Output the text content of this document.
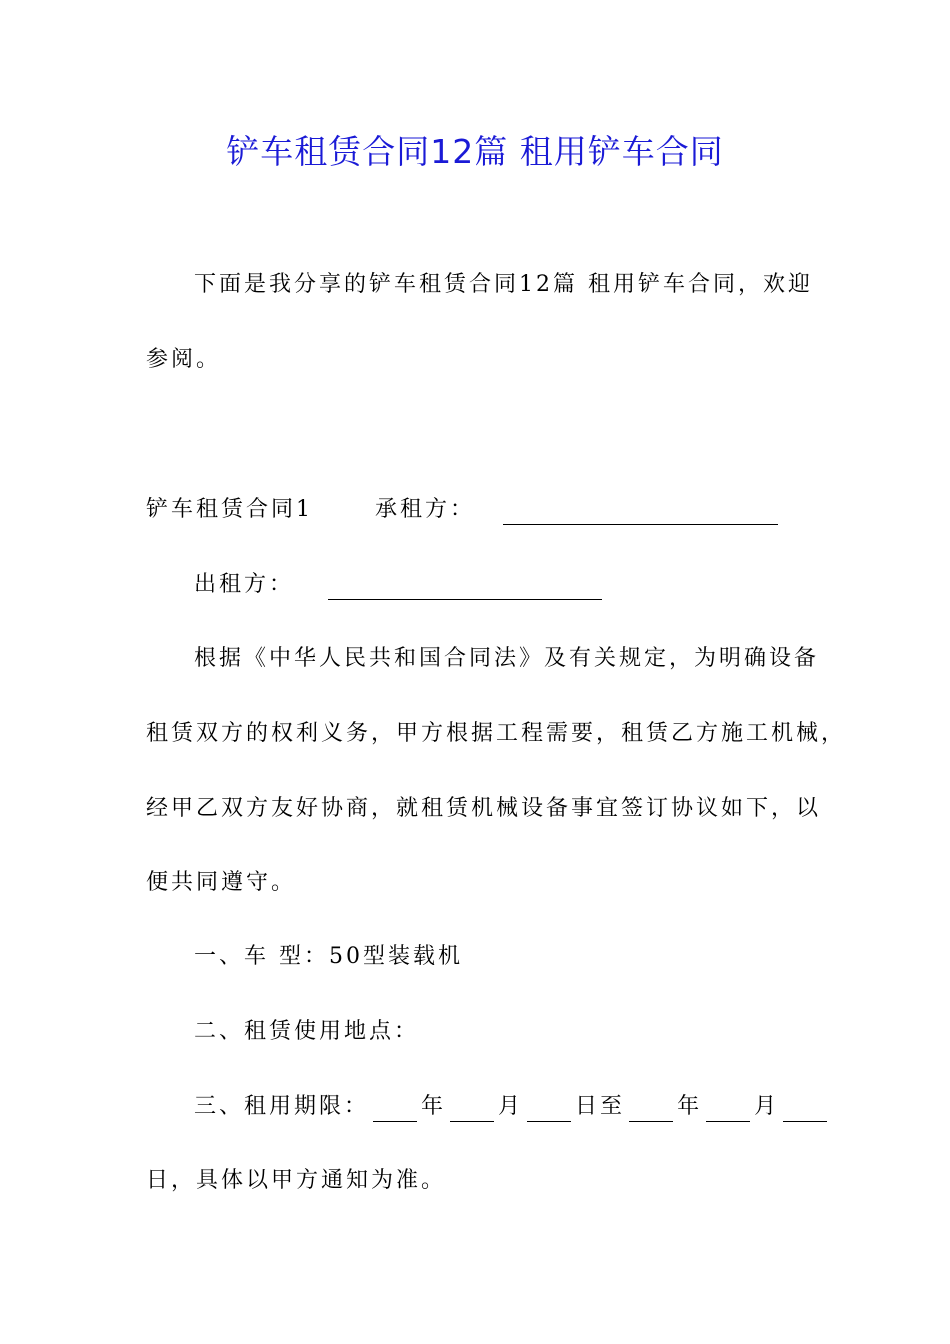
铲车租赁合同12篇 租用铲车合同
下面是我分享的铲车租赁合同12篇 租用铲车合同，欢迎
参阅。
铲车租赁合同1	承租方：
出租方：
根据《中华人民共和国合同法》及有关规定，为明确设备
租赁双方的权利义务，甲方根据工程需要，租赁乙方施工机械，
经甲乙双方友好协商，就租赁机械设备事宜签订协议如下，以
便共同遵守。
一、车 型：50型装载机
二、租赁使用地点：
三、租用期限： 年 月 日至 年 月
日，具体以甲方通知为准。
